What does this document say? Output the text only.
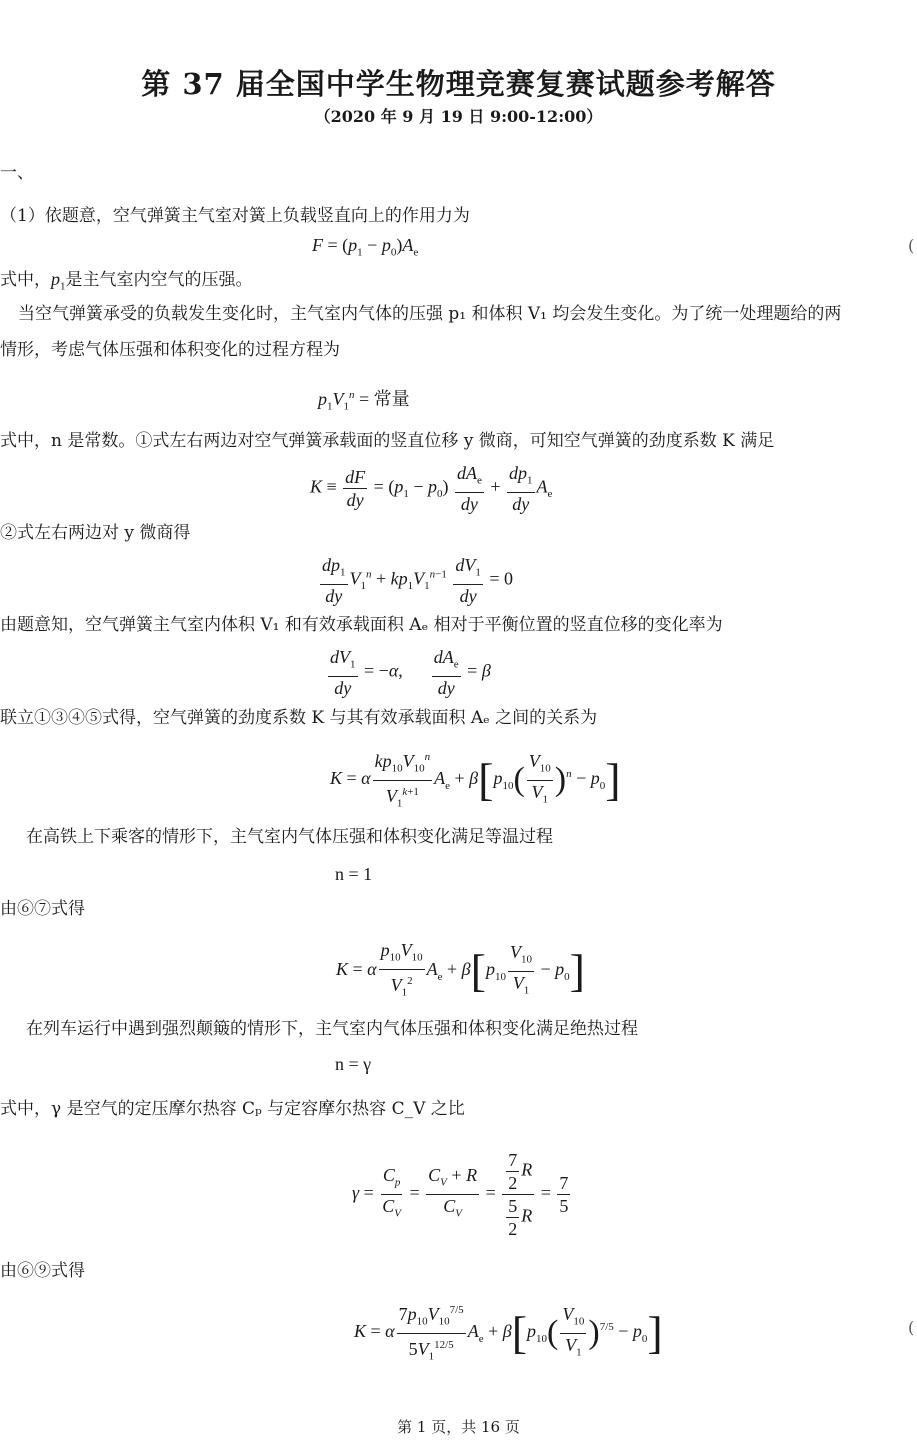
第 37 届全国中学生物理竞赛复赛试题参考解答
（2020 年 9 月 19 日 9:00-12:00）
一、
（1）依题意，空气弹簧主气室对簧上负载竖直向上的作用力为
$F = (p_1 - p_0)A_e$	(
式中，$p_1$是主气室内空气的压强。
当空气弹簧承受的负载发生变化时，主气室内气体的压强 p₁ 和体积 V₁ 均会发生变化。为了统一处理题给的两
情形，考虑气体压强和体积变化的过程方程为
$p_1V_1^n$ = 常量
式中，n 是常数。①式左右两边对空气弹簧承载面的竖直位移 y 微商，可知空气弹簧的劲度系数 K 满足
$K \equiv \frac{dF}{dy} = (p_1 - p_0) \frac{dA_e}{dy} + \frac{dp_1}{dy} A_e$
②式左右两边对 y 微商得
$\frac{dp_1}{dy} V_1^n + kp_1V_1^{n-1} \frac{dV_1}{dy} = 0$
由题意知，空气弹簧主气室内体积 V₁ 和有效承载面积 Aₑ 相对于平衡位置的竖直位移的变化率为
$\frac{dV_1}{dy} = -\alpha$, $\frac{dA_e}{dy} = \beta$
联立①③④⑤式得，空气弹簧的劲度系数 K 与其有效承载面积 Aₑ 之间的关系为
K = α $\frac{kp_{10}V_{10}^n}{V_1^{k+1}} A_e + \beta[p_{10}( \frac{V_{10}}{V_1} )^n - p_0]$
在高铁上下乘客的情形下，主气室内气体压强和体积变化满足等温过程
n = 1
由⑥⑦式得
K = α $\frac{p_{10}V_{10}}{V_1^2} A_e + \beta[p_{10} \frac{V_{10}}{V_1} - p_0]$
在列车运行中遇到强烈颠簸的情形下，主气室内气体压强和体积变化满足绝热过程
n = γ
式中，γ 是空气的定压摩尔热容 Cₚ 与定容摩尔热容 C_V 之比
$\gamma = \frac{C_p}{C_V} = \frac{C_V + R}{C_V} = \frac{\frac{7}{2} R}{\frac{5}{2} R} = \frac{7}{5}$
由⑥⑨式得
K = α $\frac{7p_{10}V_{10}^{7/5}}{5V_1^{12/5}} A_e + \beta[p_{10}( \frac{V_{10}}{V_1} )^{7/5} - p_0]$	(
第 1 页，共 16 页
